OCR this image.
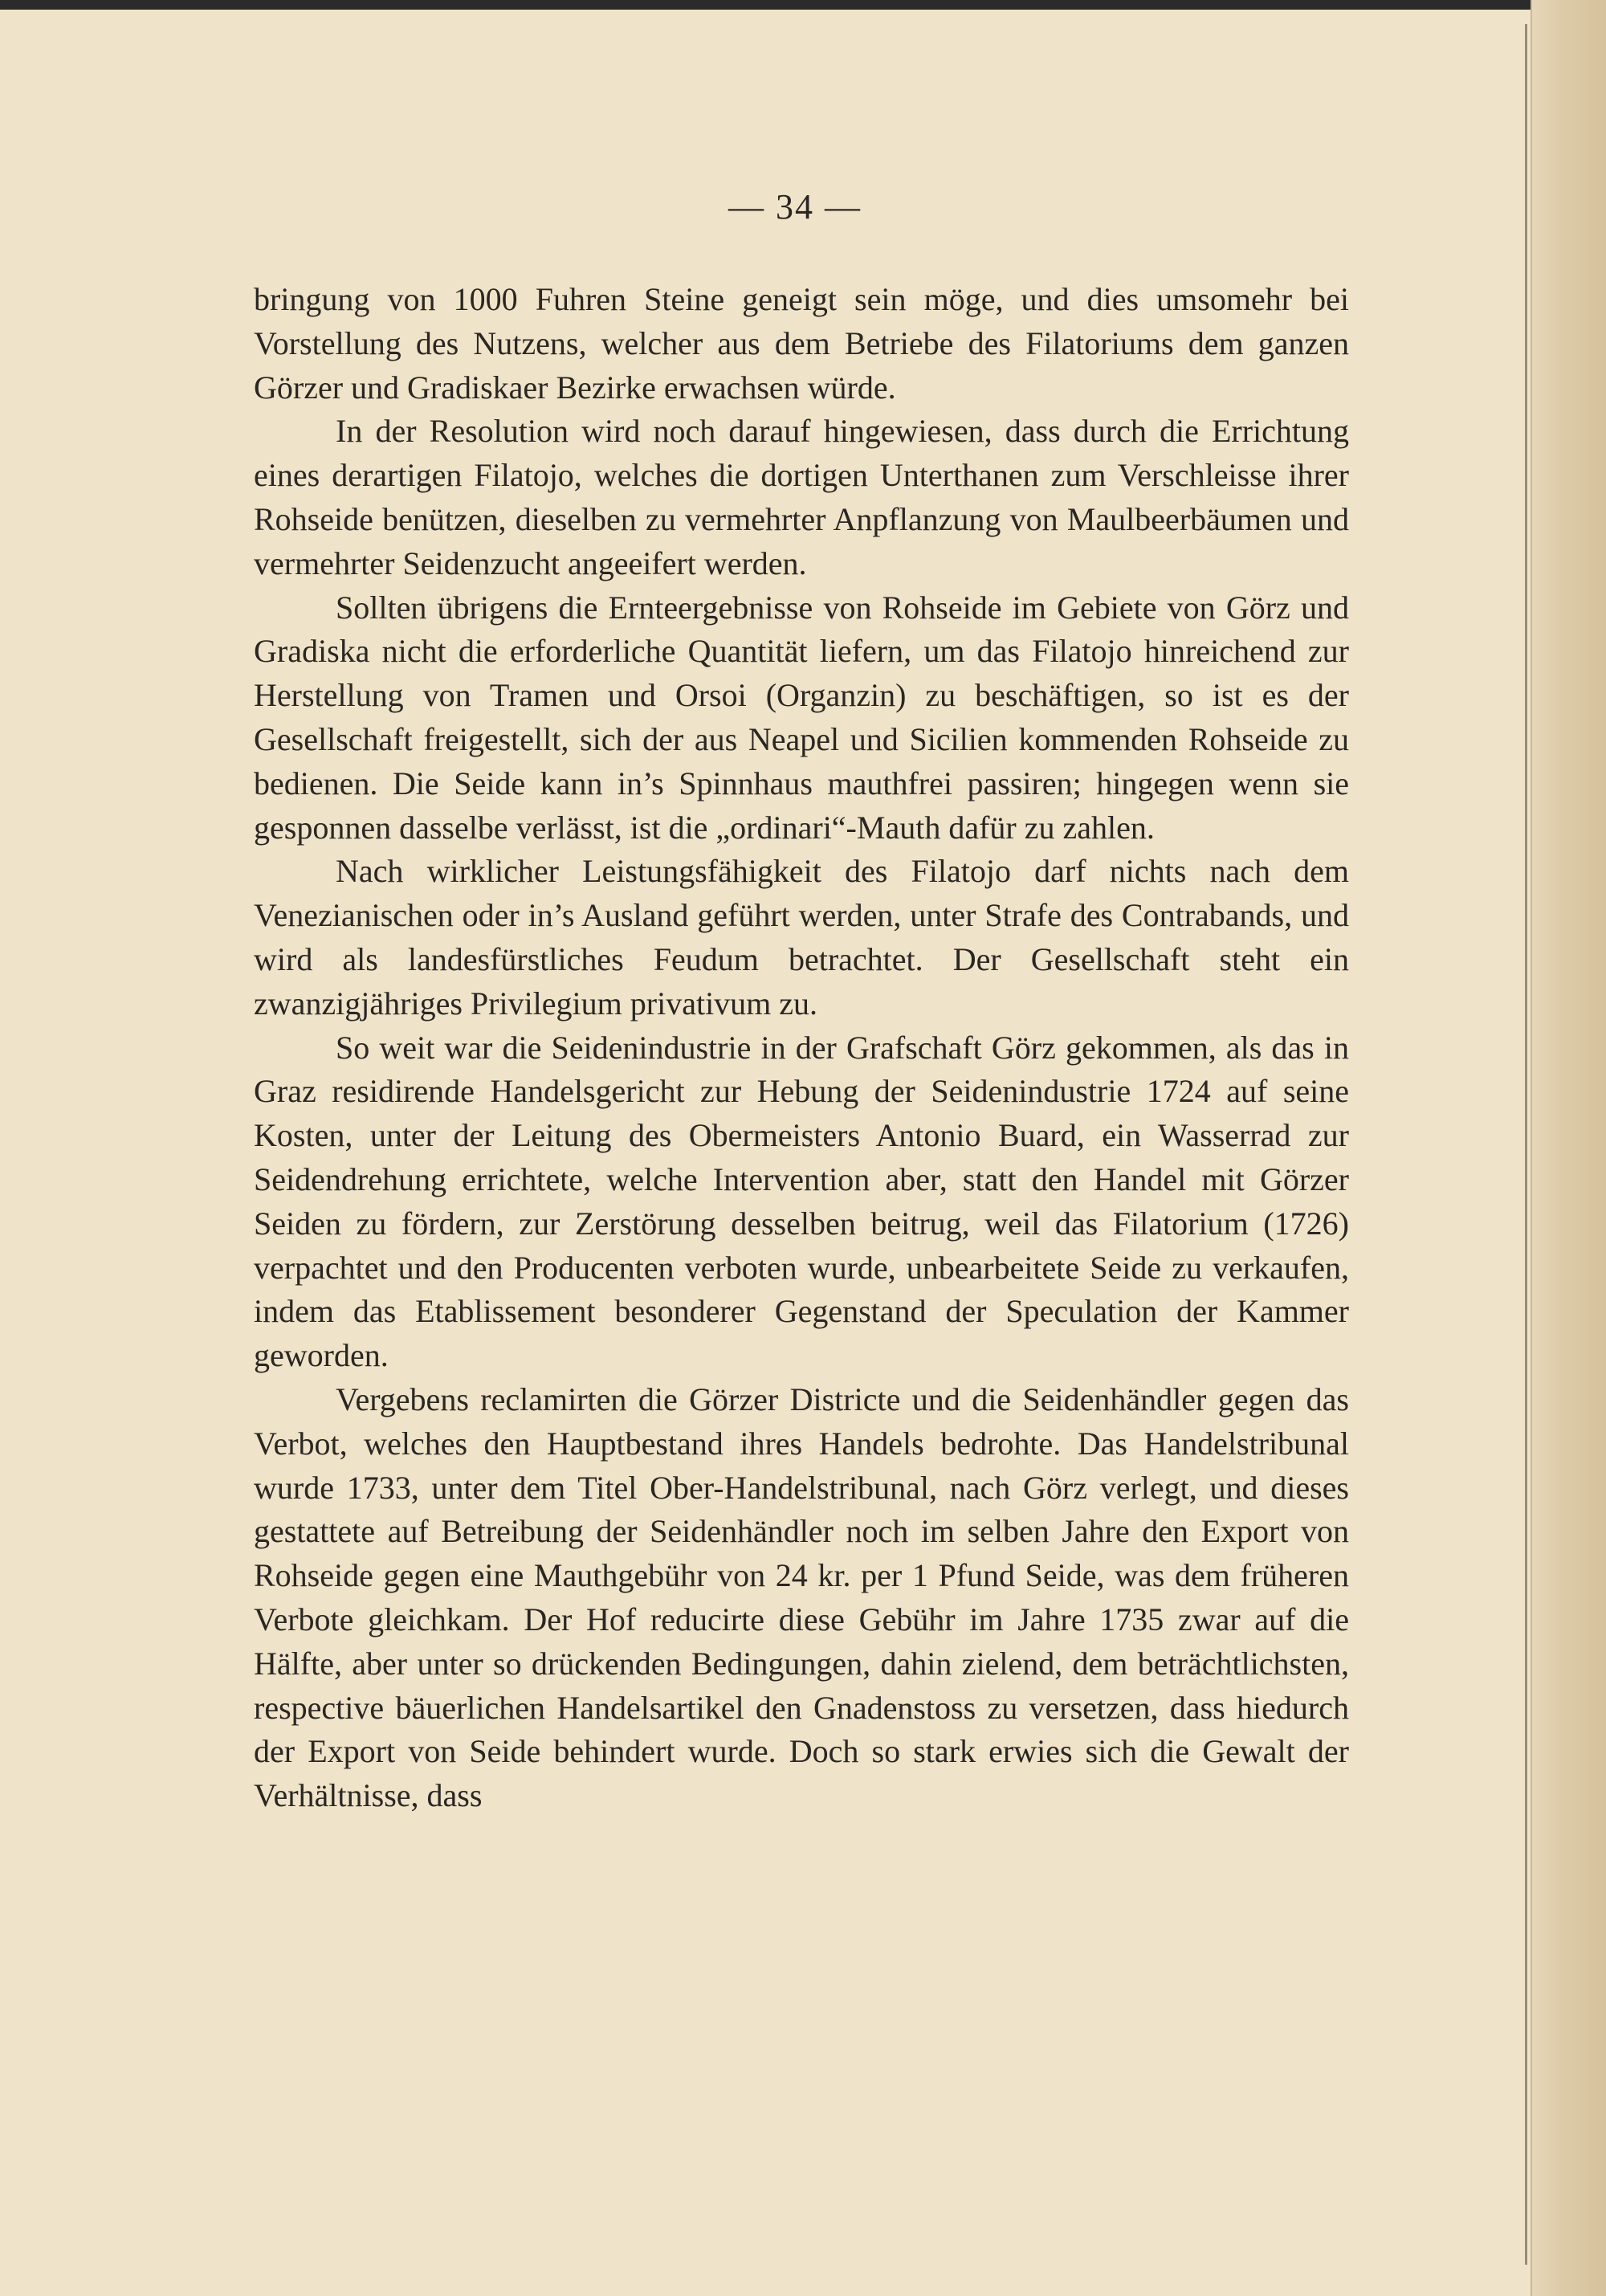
— 34 —

bringung von 1000 Fuhren Steine geneigt sein möge, und dies umsomehr bei Vorstellung des Nutzens, welcher aus dem Betriebe des Filatoriums dem ganzen Görzer und Gradiskaer Bezirke erwachsen würde.

In der Resolution wird noch darauf hingewiesen, dass durch die Errichtung eines derartigen Filatojo, welches die dortigen Unterthanen zum Verschleisse ihrer Rohseide benützen, dieselben zu vermehrter Anpflanzung von Maulbeerbäumen und vermehrter Seidenzucht angeeifert werden.

Sollten übrigens die Ernteergebnisse von Rohseide im Gebiete von Görz und Gradiska nicht die erforderliche Quantität liefern, um das Filatojo hinreichend zur Herstellung von Tramen und Orsoi (Organzin) zu beschäftigen, so ist es der Gesellschaft freigestellt, sich der aus Neapel und Sicilien kommenden Rohseide zu bedienen. Die Seide kann in’s Spinnhaus mauthfrei passiren; hingegen wenn sie gesponnen dasselbe verlässt, ist die „ordinari“-Mauth dafür zu zahlen.

Nach wirklicher Leistungsfähigkeit des Filatojo darf nichts nach dem Venezianischen oder in’s Ausland geführt werden, unter Strafe des Contrabands, und wird als landesfürstliches Feudum betrachtet. Der Gesellschaft steht ein zwanzigjähriges Privilegium privativum zu.

So weit war die Seidenindustrie in der Grafschaft Görz gekommen, als das in Graz residirende Handelsgericht zur Hebung der Seidenindustrie 1724 auf seine Kosten, unter der Leitung des Obermeisters Antonio Buard, ein Wasserrad zur Seidendrehung errichtete, welche Intervention aber, statt den Handel mit Görzer Seiden zu fördern, zur Zerstörung desselben beitrug, weil das Filatorium (1726) verpachtet und den Producenten verboten wurde, unbearbeitete Seide zu verkaufen, indem das Etablissement besonderer Gegenstand der Speculation der Kammer geworden.

Vergebens reclamirten die Görzer Districte und die Seidenhändler gegen das Verbot, welches den Hauptbestand ihres Handels bedrohte. Das Handelstribunal wurde 1733, unter dem Titel Ober-Handelstribunal, nach Görz verlegt, und dieses gestattete auf Betreibung der Seidenhändler noch im selben Jahre den Export von Rohseide gegen eine Mauthgebühr von 24 kr. per 1 Pfund Seide, was dem früheren Verbote gleichkam. Der Hof reducirte diese Gebühr im Jahre 1735 zwar auf die Hälfte, aber unter so drückenden Bedingungen, dahin zielend, dem beträchtlichsten, respective bäuerlichen Handelsartikel den Gnadenstoss zu versetzen, dass hiedurch der Export von Seide behindert wurde. Doch so stark erwies sich die Gewalt der Verhältnisse, dass
